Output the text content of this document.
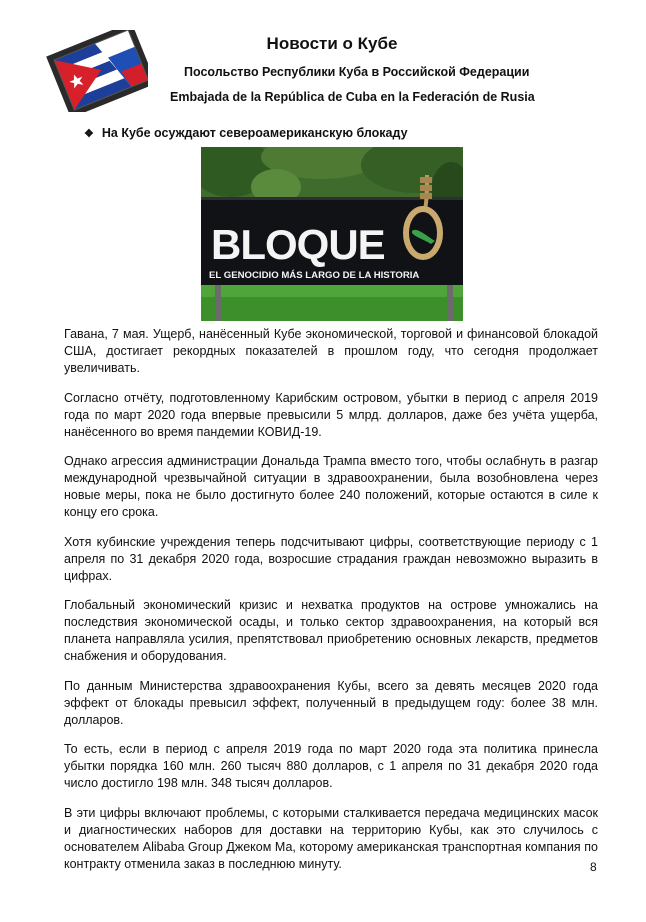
Новости о Кубе
Посольство Республики Куба в Российской Федерации
Embajada de la República de Cuba en la Federación de Rusia
❖ На Кубе осуждают североамериканскую блокаду
BLOQUE
EL GENOCIDIO MÁS LARGO DE LA HISTORIA

Гавана, 7 мая. Ущерб, нанёсенный Кубе экономической, торговой и финансовой блокадой США, достигает рекордных показателей в прошлом году, что сегодня продолжает увеличивать.

Согласно отчёту, подготовленному Карибским островом, убытки в период с апреля 2019 года по март 2020 года впервые превысили 5 млрд. долларов, даже без учёта ущерба, нанёсенного во время пандемии КОВИД-19.

Однако агрессия администрации Дональда Трампа вместо того, чтобы ослабнуть в разгар международной чрезвычайной ситуации в здравоохранении, была возобновлена через новые меры, пока не было достигнуто более 240 положений, которые остаются в силе к концу его срока.

Хотя кубинские учреждения теперь подсчитывают цифры, соответствующие периоду с 1 апреля по 31 декабря 2020 года, возросшие страдания граждан невозможно выразить в цифрах.

Глобальный экономический кризис и нехватка продуктов на острове умножались на последствия экономической осады, и только сектор здравоохранения, на который вся планета направляла усилия, препятствовал приобретению основных лекарств, предметов снабжения и оборудования.

По данным Министерства здравоохранения Кубы, всего за девять месяцев 2020 года эффект от блокады превысил эффект, полученный в предыдущем году: более 38 млн. долларов.

То есть, если в период с апреля 2019 года по март 2020 года эта политика принесла убытки порядка 160 млн. 260 тысяч 880 долларов, с 1 апреля по 31 декабря 2020 года число достигло 198 млн. 348 тысяч долларов.

В эти цифры включают проблемы, с которыми сталкивается передача медицинских масок и диагностических наборов для доставки на территорию Кубы, как это случилось с основателем Alibaba Group Джеком Ма, которому американская транспортная компания по контракту отменила заказ в последнюю минуту.	8
